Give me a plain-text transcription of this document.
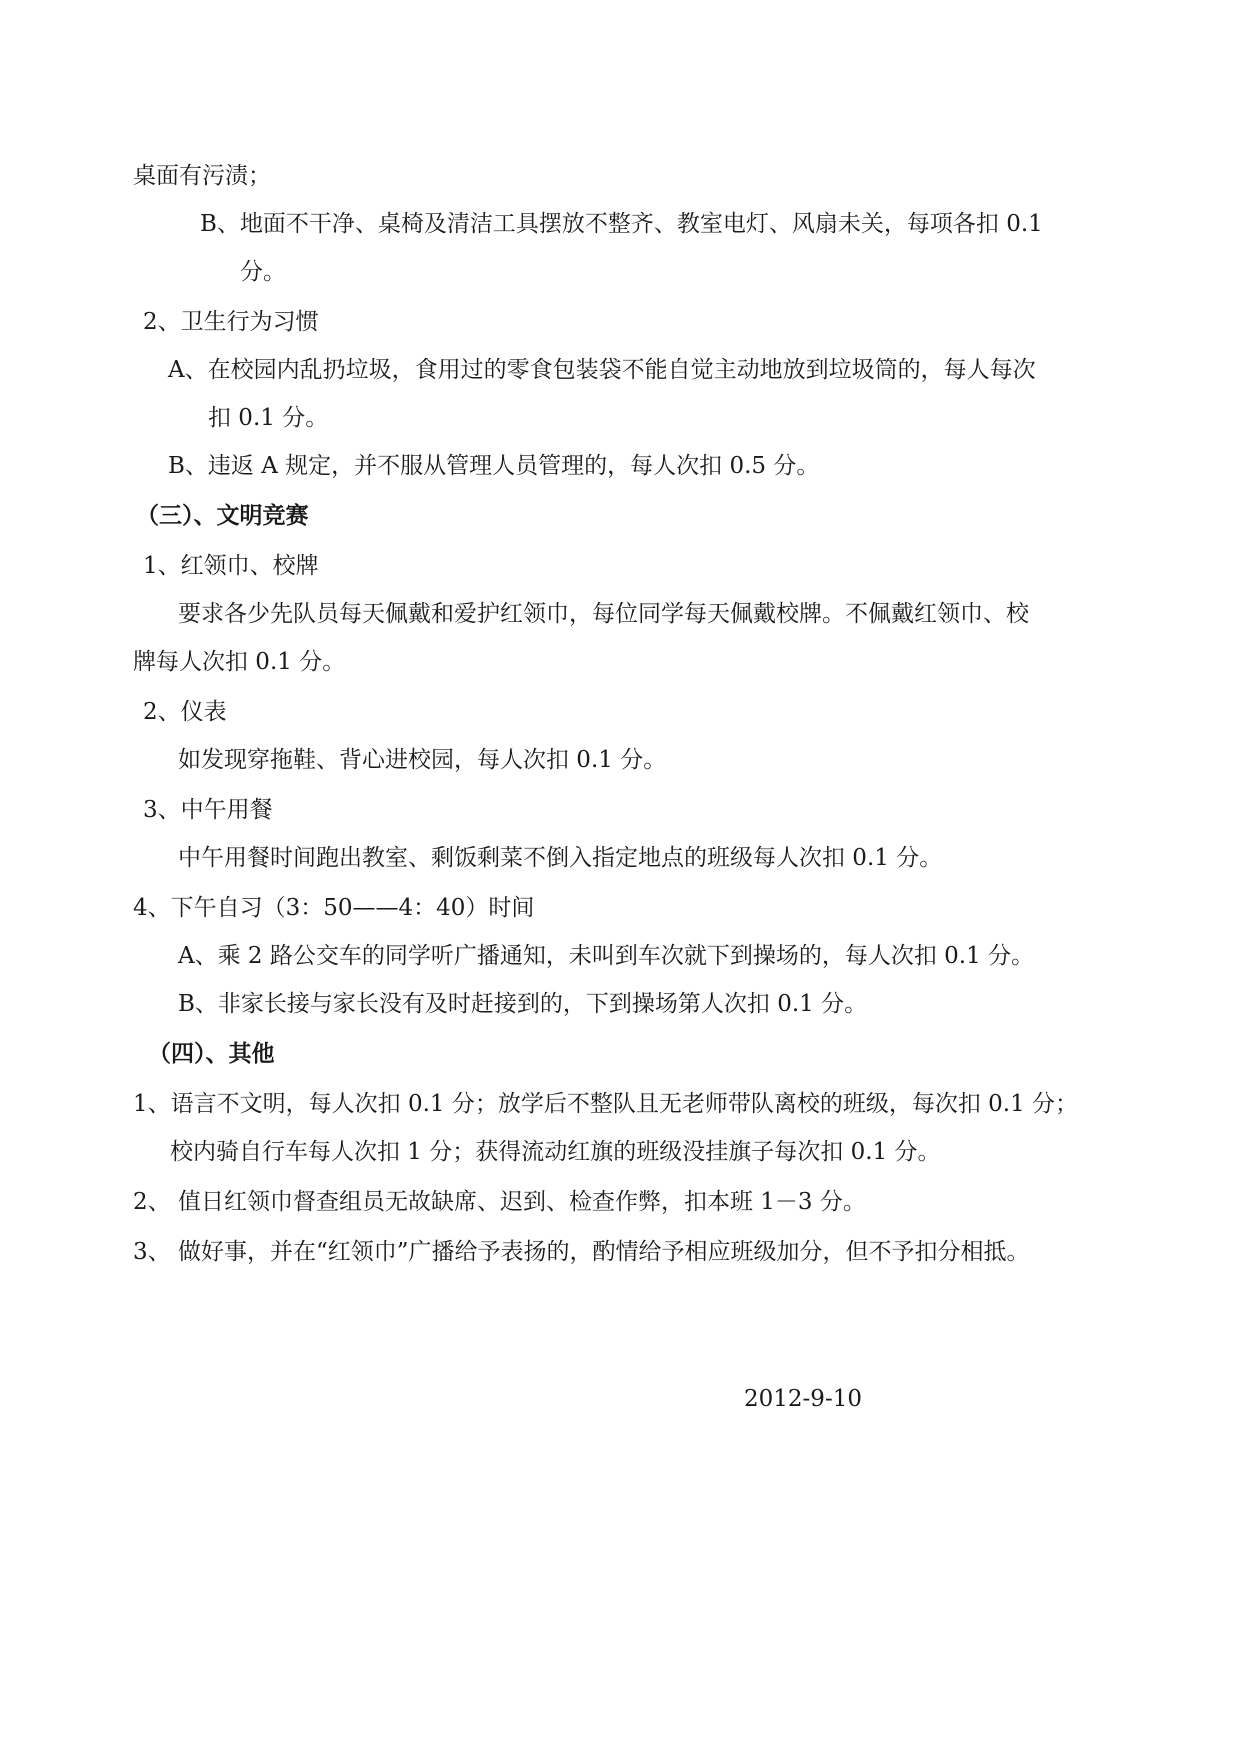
桌面有污渍；
B、地面不干净、桌椅及清洁工具摆放不整齐、教室电灯、风扇未关，每项各扣 0.1
分。
2、卫生行为习惯
A、在校园内乱扔垃圾，食用过的零食包装袋不能自觉主动地放到垃圾筒的，每人每次
扣 0.1 分。
B、违返 A 规定，并不服从管理人员管理的，每人次扣 0.5 分。
（三）、文明竞赛
1、红领巾、校牌
要求各少先队员每天佩戴和爱护红领巾，每位同学每天佩戴校牌。不佩戴红领巾、校
牌每人次扣 0.1 分。
2、仪表
如发现穿拖鞋、背心进校园，每人次扣 0.1 分。
3、中午用餐
中午用餐时间跑出教室、剩饭剩菜不倒入指定地点的班级每人次扣 0.1 分。
4、下午自习（3：50——4：40）时间
A、乘 2 路公交车的同学听广播通知，未叫到车次就下到操场的，每人次扣 0.1 分。
B、非家长接与家长没有及时赶接到的，下到操场第人次扣 0.1 分。
（四）、其他
1、语言不文明，每人次扣 0.1 分；放学后不整队且无老师带队离校的班级，每次扣 0.1 分；
校内骑自行车每人次扣 1 分；获得流动红旗的班级没挂旗子每次扣 0.1 分。
2、 值日红领巾督查组员无故缺席、迟到、检查作弊，扣本班 1－3 分。
3、 做好事，并在“红领巾”广播给予表扬的，酌情给予相应班级加分，但不予扣分相抵。
2012-9-10
